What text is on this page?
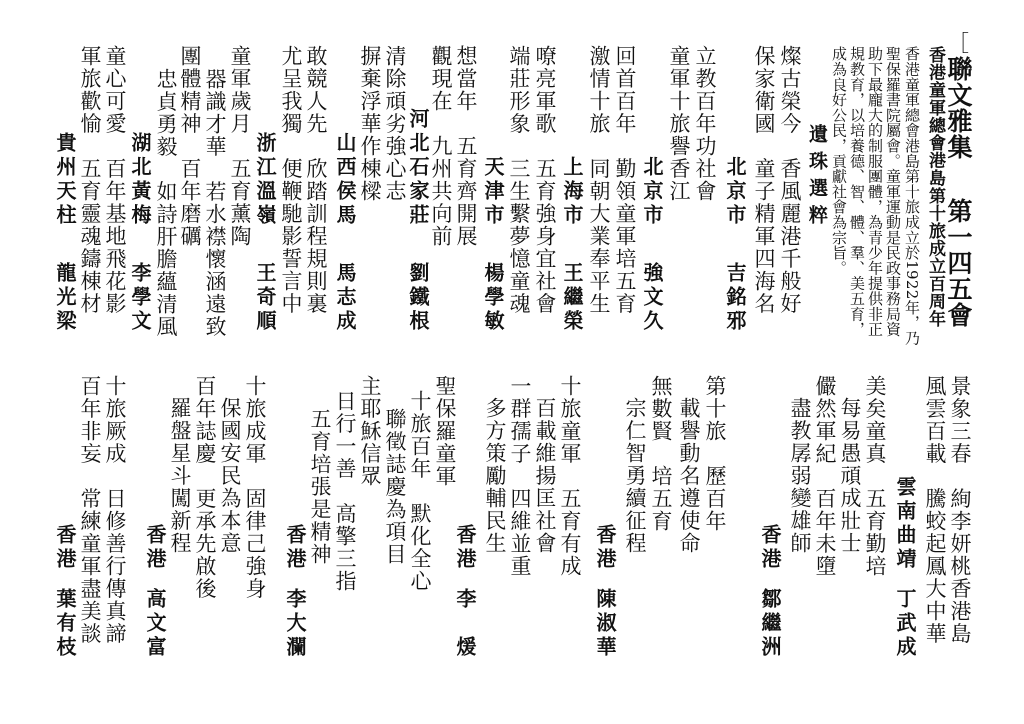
［
聯文雅集
第一四五會
香港童軍總會港島第十旅成立百周年
香港童軍總會港島第十旅成立於1922年，乃
聖保羅書院屬會。童軍運動是民政事務局資
助下最龐大的制服團體，為青少年提供非正
規教育，以培養德、智、體、羣、美五育，
成為良好公民，貢獻社會為宗旨。
遺珠選粹
燦古榮今　香風麗港千般好
保家衛國　童子精軍四海名
北京市
吉銘邪
立教百年功社會
童軍十旅譽香江
北京市
強文久
回首百年　勤領童軍培五育
激情十旅　同朝大業奉平生
上海市
王繼榮
嘹亮軍歌　五育強身宜社會
端莊形象　三生繫夢憶童魂
天津市
楊學敏
想當年　五育齊開展
觀現在　九州共向前
河北石家莊
劉鐵根
清除頑劣強心志
摒棄浮華作棟樑
山西侯馬
馬志成
敢競人先　欣踏訓程規則裏
尤呈我獨　便鞭馳影誓言中
浙江溫嶺
王奇順
童軍歲月　五育薰陶
器識才華　若水襟懷涵遠致
團體精神　百年磨礪
忠貞勇毅　如詩肝膽蘊清風
湖北黃梅
李學文
童心可愛　百年基地飛花影
軍旅歡愉　五育靈魂鑄棟材
貴州天柱
龍光梁
景象三春　絢李妍桃香港島
風雲百載　騰蛟起鳳大中華
雲南曲靖
丁武成
美矣童真　五育勤培
每易愚頑成壯士
儼然軍紀　百年未墮
盡教孱弱變雄師
香港
鄒繼洲
第十旅　歷百年
載譽動名遵使命
無數賢　培五育
宗仁智勇續征程
香港
陳淑華
十旅童軍　五育有成
百載維揚匡社會
一群孺子　四維並重
多方策勵輔民生
香港
李　煖
聖保羅童軍
十旅百年　默化全心
聯徵誌慶為項目
主耶穌信眾
日行一善　高擎三指
五育培張是精神
香港
李大瀾
十旅成軍　固律己強身
保國安民為本意
百年誌慶　更承先啟後
羅盤星斗闖新程
香港
高文富
十旅厥成　日修善行傳真諦
百年非妄　常練童軍盡美談
香港
葉有枝
